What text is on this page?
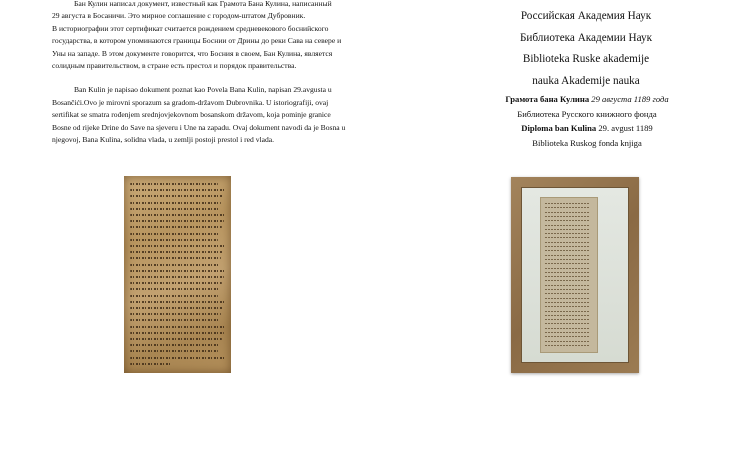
Бан Кулин написал документ, известный как Грамота Бана Кулина, написанный
29 августа в Босаничи. Это мирное соглашение с городом-штатом Дубровник.
В историографии этот сертификат считается рождением средневекового боснийского
государства, в котором упоминаются границы Боснии от Дрины до реки Сава на севере и
Уны на западе. В этом документе говорится, что Босния в своем, Бан Кулина, является
солидным правительством, в стране есть престол и порядок правительства.

Ban Kulin je napisao dokument poznat kao Povela Bana Kulin, napisan 29.avgusta u
Bosančići.Ovo je mirovni sporazum sa gradom-državom Dubrovnika. U istoriografiji, ovaj
sertifikat se smatra rođenjem srednjovjekovnom bosanskom državom, koja pominje granice
Bosne od rijeke Drine do Save na sjeveru i Une na zapadu. Ovaj dokument navodi da je Bosna u
njegovoj, Bana Kulina, solidna vlada, u zemlji postoji prestol i red vlada.

Российская Академия Наук
Библиотека Академии Наук
Biblioteka Ruske akademije
nauka Akademije nauka
Грамота бана Кулина 29 августа 1189 года
Библиотека Русского книжного фонда
Diploma ban Kulina 29. avgust 1189
Biblioteka Ruskog fonda knjiga
